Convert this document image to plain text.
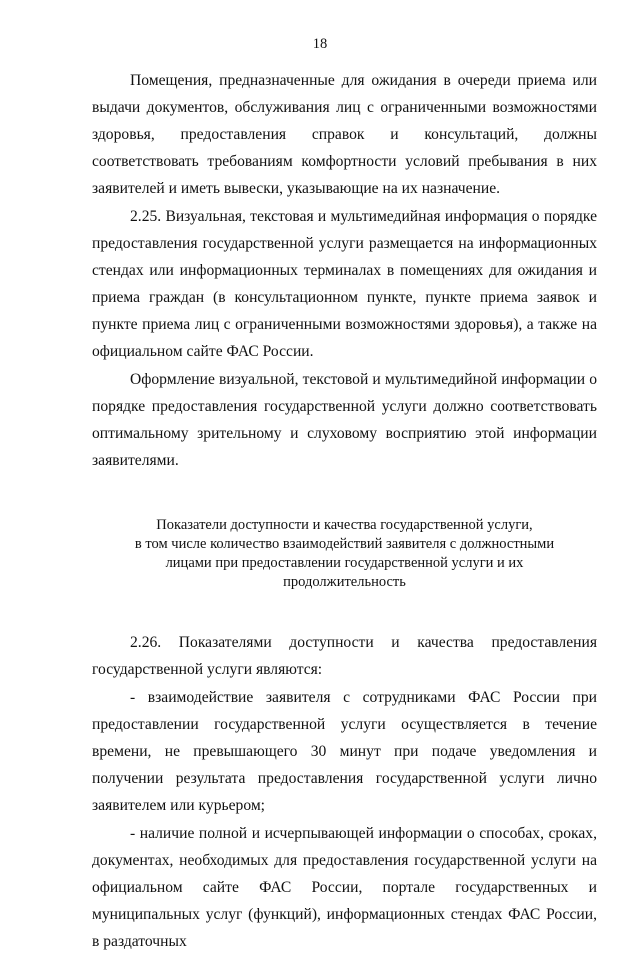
18

Помещения, предназначенные для ожидания в очереди приема или выдачи документов, обслуживания лиц с ограниченными возможностями здоровья, предоставления справок и консультаций, должны соответствовать требованиям комфортности условий пребывания в них заявителей и иметь вывески, указывающие на их назначение.

2.25. Визуальная, текстовая и мультимедийная информация о порядке предоставления государственной услуги размещается на информационных стендах или информационных терминалах в помещениях для ожидания и приема граждан (в консультационном пункте, пункте приема заявок и пункте приема лиц с ограниченными возможностями здоровья), а также на официальном сайте ФАС России.

Оформление визуальной, текстовой и мультимедийной информации о порядке предоставления государственной услуги должно соответствовать оптимальному зрительному и слуховому восприятию этой информации заявителями.

Показатели доступности и качества государственной услуги,
в том числе количество взаимодействий заявителя с должностными
лицами при предоставлении государственной услуги и их
продолжительность

2.26. Показателями доступности и качества предоставления государственной услуги являются:

- взаимодействие заявителя с сотрудниками ФАС России при предоставлении государственной услуги осуществляется в течение времени, не превышающего 30 минут при подаче уведомления и получении результата предоставления государственной услуги лично заявителем или курьером;

- наличие полной и исчерпывающей информации о способах, сроках, документах, необходимых для предоставления государственной услуги на официальном сайте ФАС России, портале государственных и муниципальных услуг (функций), информационных стендах ФАС России, в раздаточных
